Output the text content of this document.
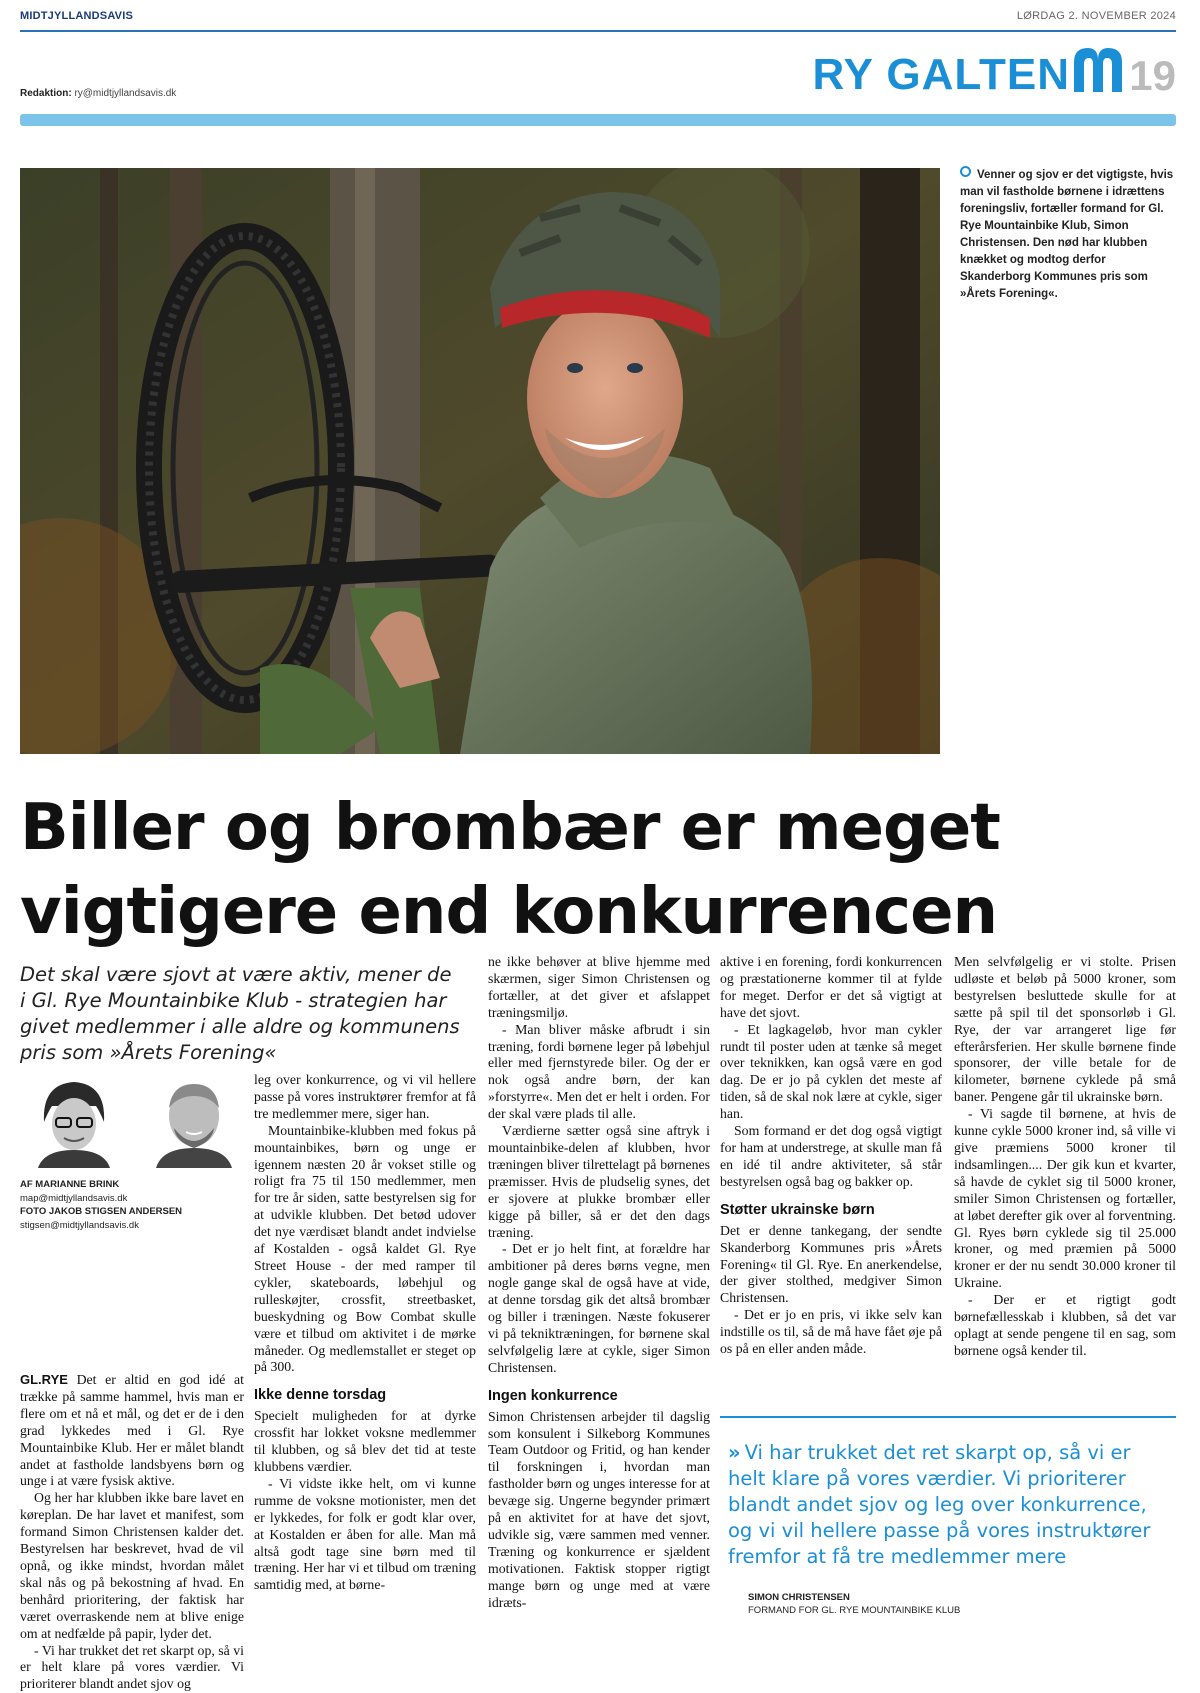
MIDTJYLLANDSAVIS	LØRDAG 2. NOVEMBER 2024
Redaktion: ry@midtjyllandsavis.dk	RY GALTEN 19
Venner og sjov er det vigtigste, hvis man vil fastholde børnene i idrættens foreningsliv, fortæller formand for Gl. Rye Mountainbike Klub, Simon Christensen. Den nød har klubben knækket og modtog derfor Skanderborg Kommunes pris som »Årets Forening«.
Biller og brombær er meget vigtigere end konkurrencen
Det skal være sjovt at være aktiv, mener de i Gl. Rye Mountainbike Klub - strategien har givet medlemmer i alle aldre og kommunens pris som »Årets Forening«
AF MARIANNE BRINK
map@midtjyllandsavis.dk
FOTO JAKOB STIGSEN ANDERSEN
stigsen@midtjyllandsavis.dk

GL.RYE Det er altid en god idé at trække på samme hammel, hvis man er flere om et nå et mål, og det er de i den grad lykkedes med i Gl. Rye Mountainbike Klub. Her er målet blandt andet at fastholde landsbyens børn og unge i at være fysisk aktive.

Og her har klubben ikke bare lavet en køreplan. De har lavet et manifest, som formand Simon Christensen kalder det. Bestyrelsen har beskrevet, hvad de vil opnå, og ikke mindst, hvordan målet skal nås og på bekostning af hvad. En benhård prioritering, der faktisk har været overraskende nem at blive enige om at nedfælde på papir, lyder det.

- Vi har trukket det ret skarpt op, så vi er helt klare på vores værdier. Vi prioriterer blandt andet sjov og

leg over konkurrence, og vi vil hellere passe på vores instruktører fremfor at få tre medlemmer mere, siger han.

Mountainbike-klubben med fokus på mountainbikes, børn og unge er igennem næsten 20 år vokset stille og roligt fra 75 til 150 medlemmer, men for tre år siden, satte bestyrelsen sig for at udvikle klubben. Det betød udover det nye værdisæt blandt andet indvielse af Kostalden - også kaldet Gl. Rye Street House - der med ramper til cykler, skateboards, løbehjul og rulleskøjter, crossfit, streetbasket, bueskydning og Bow Combat skulle være et tilbud om aktivitet i de mørke måneder. Og medlemstallet er steget op på 300.

Ikke denne torsdag

Specielt muligheden for at dyrke crossfit har lokket voksne medlemmer til klubben, og så blev det tid at teste klubbens værdier.

- Vi vidste ikke helt, om vi kunne rumme de voksne motionister, men det er lykkedes, for folk er godt klar over, at Kostalden er åben for alle. Man må altså godt tage sine børn med til træning. Her har vi et tilbud om træning samtidig med, at børne-

ne ikke behøver at blive hjemme med skærmen, siger Simon Christensen og fortæller, at det giver et afslappet træningsmiljø.

- Man bliver måske afbrudt i sin træning, fordi børnene leger på løbehjul eller med fjernstyrede biler. Og der er nok også andre børn, der kan »forstyrre«. Men det er helt i orden. For der skal være plads til alle.

Værdierne sætter også sine aftryk i mountainbike-delen af klubben, hvor træningen bliver tilrettelagt på børnenes præmisser. Hvis de pludselig synes, det er sjovere at plukke brombær eller kigge på biller, så er det den dags træning.

- Det er jo helt fint, at forældre har ambitioner på deres børns vegne, men nogle gange skal de også have at vide, at denne torsdag gik det altså brombær og biller i træningen. Næste fokuserer vi på tekniktræningen, for børnene skal selvfølgelig lære at cykle, siger Simon Christensen.

Ingen konkurrence

Simon Christensen arbejder til dagslig som konsulent i Silkeborg Kommunes Team Outdoor og Fritid, og han kender til forskningen i, hvordan man fastholder børn og unges interesse for at bevæge sig. Ungerne begynder primært på en aktivitet for at have det sjovt, udvikle sig, være sammen med venner. Træning og konkurrence er sjældent motivationen. Faktisk stopper rigtigt mange børn og unge med at være idræts-

aktive i en forening, fordi konkurrencen og præstationerne kommer til at fylde for meget. Derfor er det så vigtigt at have det sjovt.

- Et lagkageløb, hvor man cykler rundt til poster uden at tænke så meget over teknikken, kan også være en god dag. De er jo på cyklen det meste af tiden, så de skal nok lære at cykle, siger han.

Som formand er det dog også vigtigt for ham at understrege, at skulle man få en idé til andre aktiviteter, så står bestyrelsen også bag og bakker op.

Støtter ukrainske børn

Det er denne tankegang, der sendte Skanderborg Kommunes pris »Årets Forening« til Gl. Rye. En anerkendelse, der giver stolthed, medgiver Simon Christensen.

- Det er jo en pris, vi ikke selv kan indstille os til, så de må have fået øje på os på en eller anden måde.

Men selvfølgelig er vi stolte. Prisen udløste et beløb på 5000 kroner, som bestyrelsen besluttede skulle for at sætte på spil til det sponsorløb i Gl. Rye, der var arrangeret lige før efterårsferien. Her skulle børnene finde sponsorer, der ville betale for de kilometer, børnene cyklede på små baner. Pengene går til ukrainske børn.

- Vi sagde til børnene, at hvis de kunne cykle 5000 kroner ind, så ville vi give præmiens 5000 kroner til indsamlingen.... Der gik kun et kvarter, så havde de cyklet sig til 5000 kroner, smiler Simon Christensen og fortæller, at løbet derefter gik over al forventning. Gl. Ryes børn cyklede sig til 25.000 kroner, og med præmien på 5000 kroner er der nu sendt 30.000 kroner til Ukraine.

- Der er et rigtigt godt børnefællesskab i klubben, så det var oplagt at sende pengene til en sag, som børnene også kender til.

» Vi har trukket det ret skarpt op, så vi er helt klare på vores værdier. Vi prioriterer blandt andet sjov og leg over konkurrence, og vi vil hellere passe på vores instruktører fremfor at få tre medlemmer mere
SIMON CHRISTENSEN
FORMAND FOR GL. RYE MOUNTAINBIKE KLUB
